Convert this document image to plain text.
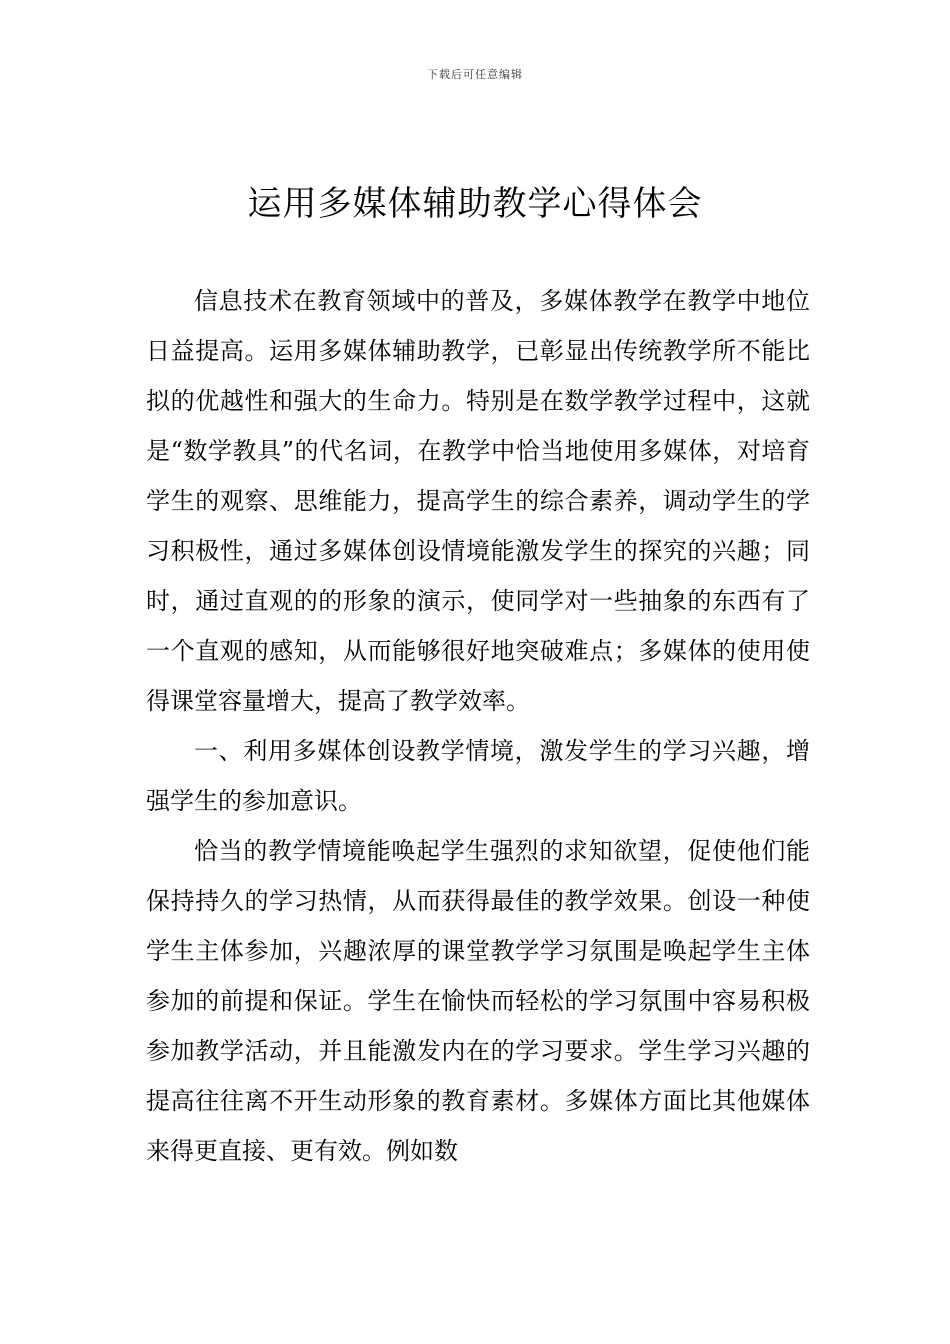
下载后可任意编辑
运用多媒体辅助教学心得体会

信息技术在教育领域中的普及，多媒体教学在教学中地位日益提高。运用多媒体辅助教学，已彰显出传统教学所不能比拟的优越性和强大的生命力。特别是在数学教学过程中，这就是“数学教具”的代名词，在教学中恰当地使用多媒体，对培育学生的观察、思维能力，提高学生的综合素养，调动学生的学习积极性，通过多媒体创设情境能激发学生的探究的兴趣；同时，通过直观的的形象的演示，使同学对一些抽象的东西有了一个直观的感知，从而能够很好地突破难点；多媒体的使用使得课堂容量增大，提高了教学效率。

一、利用多媒体创设教学情境，激发学生的学习兴趣，增强学生的参加意识。

恰当的教学情境能唤起学生强烈的求知欲望，促使他们能保持持久的学习热情，从而获得最佳的教学效果。创设一种使学生主体参加，兴趣浓厚的课堂教学学习氛围是唤起学生主体参加的前提和保证。学生在愉快而轻松的学习氛围中容易积极参加教学活动，并且能激发内在的学习要求。学生学习兴趣的提高往往离不开生动形象的教育素材。多媒体方面比其他媒体来得更直接、更有效。例如数
